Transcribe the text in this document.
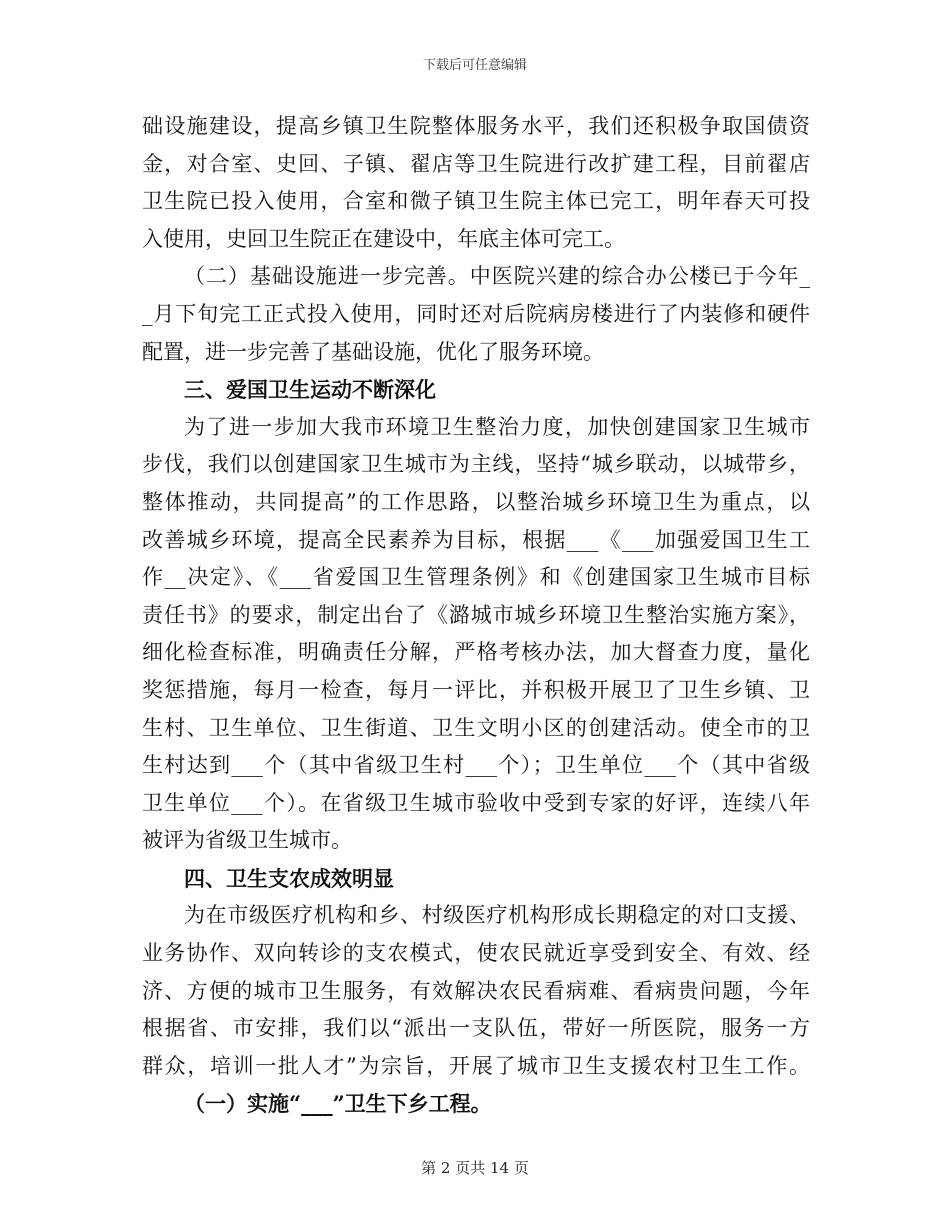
下载后可任意编辑
础设施建设，提高乡镇卫生院整体服务水平，我们还积极争取国债资
金，对合室、史回、子镇、翟店等卫生院进行改扩建工程，目前翟店
卫生院已投入使用，合室和微子镇卫生院主体已完工，明年春天可投
入使用，史回卫生院正在建设中，年底主体可完工。
（二）基础设施进一步完善。中医院兴建的综合办公楼已于今年_
_月下旬完工正式投入使用，同时还对后院病房楼进行了内装修和硬件
配置，进一步完善了基础设施，优化了服务环境。
三、爱国卫生运动不断深化
为了进一步加大我市环境卫生整治力度，加快创建国家卫生城市
步伐，我们以创建国家卫生城市为主线，坚持“城乡联动，以城带乡，
整体推动，共同提高”的工作思路，以整治城乡环境卫生为重点，以
改善城乡环境，提高全民素养为目标，根据___《___加强爱国卫生工
作__决定》、《___省爱国卫生管理条例》和《创建国家卫生城市目标
责任书》的要求，制定出台了《潞城市城乡环境卫生整治实施方案》，
细化检查标准，明确责任分解，严格考核办法，加大督查力度，量化
奖惩措施，每月一检查，每月一评比，并积极开展卫了卫生乡镇、卫
生村、卫生单位、卫生街道、卫生文明小区的创建活动。使全市的卫
生村达到___个（其中省级卫生村___个）；卫生单位___个（其中省级
卫生单位___个）。在省级卫生城市验收中受到专家的好评，连续八年
被评为省级卫生城市。
四、卫生支农成效明显
为在市级医疗机构和乡、村级医疗机构形成长期稳定的对口支援、
业务协作、双向转诊的支农模式，使农民就近享受到安全、有效、经
济、方便的城市卫生服务，有效解决农民看病难、看病贵问题，今年
根据省、市安排，我们以“派出一支队伍，带好一所医院，服务一方
群众，培训一批人才”为宗旨，开展了城市卫生支援农村卫生工作。
（一）实施“___”卫生下乡工程。
第 2 页共 14 页
